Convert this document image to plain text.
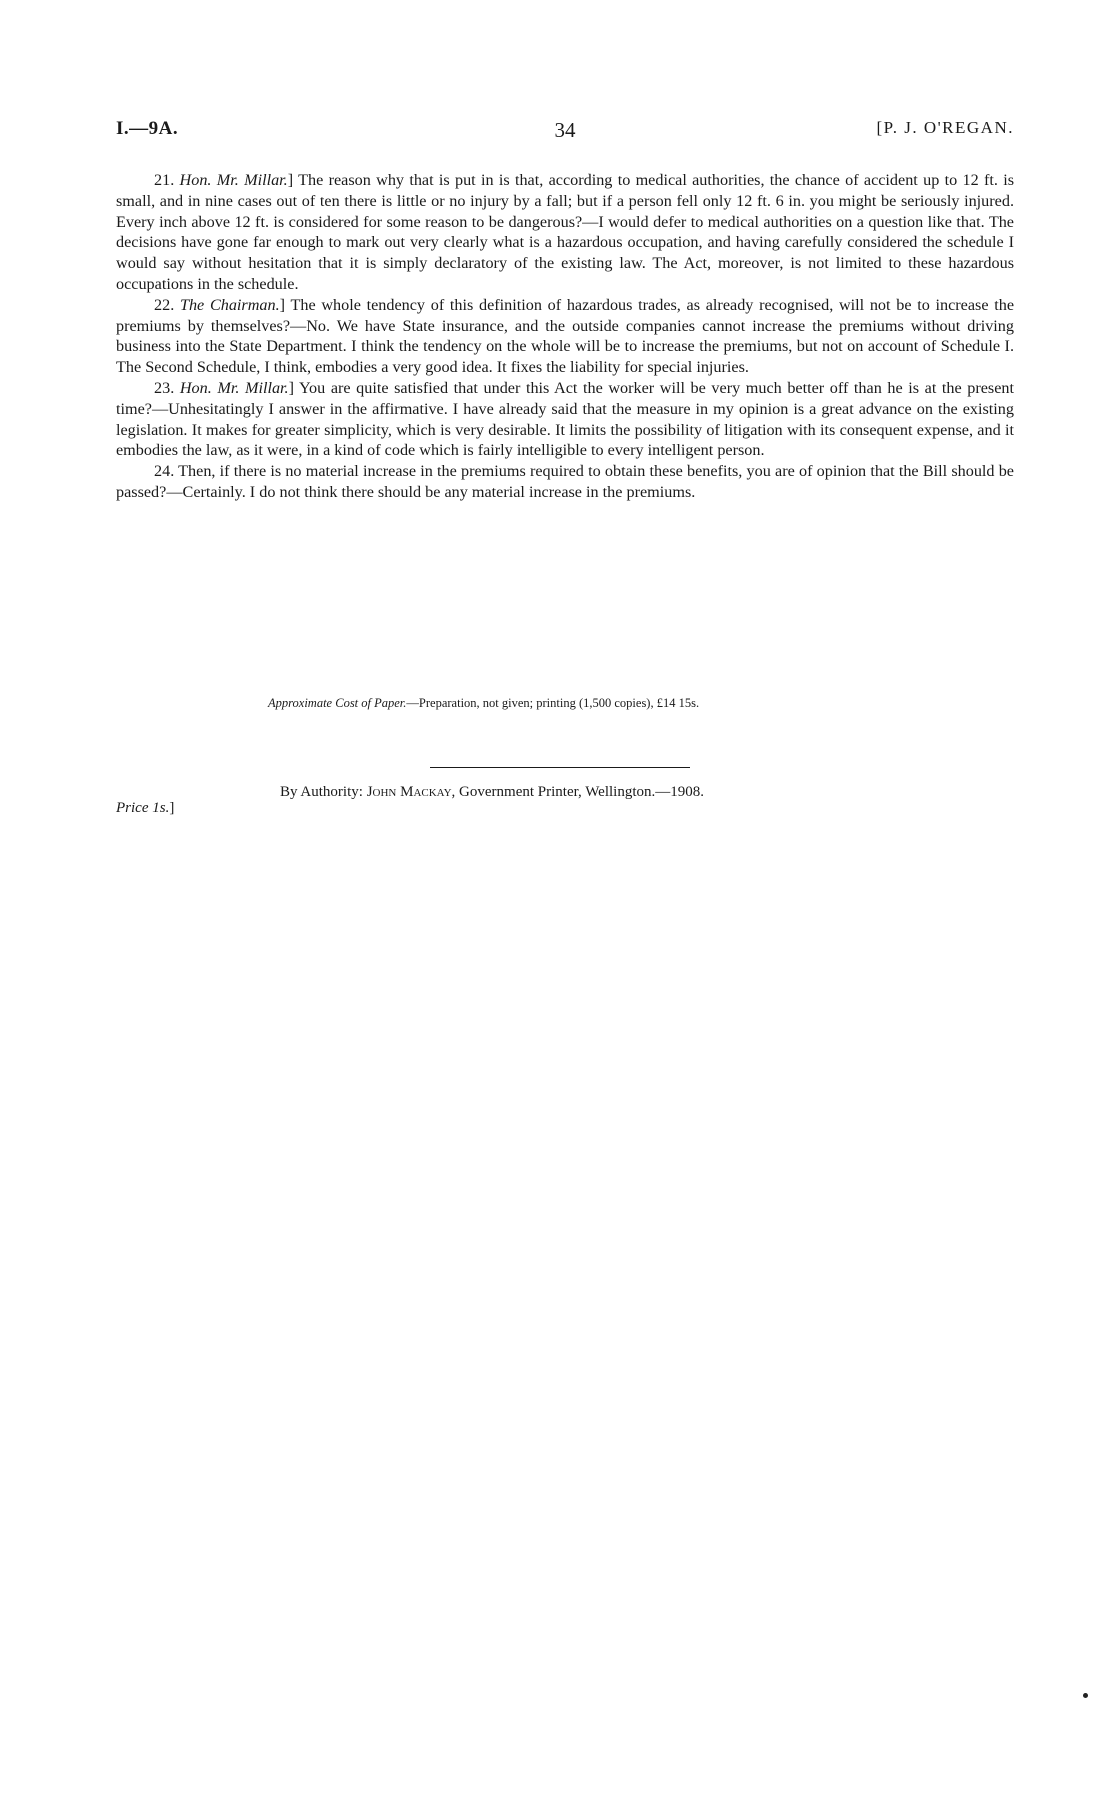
I.—9A.	34	[P. J. O'REGAN.

21. Hon. Mr. Millar.] The reason why that is put in is that, according to medical authorities, the chance of accident up to 12 ft. is small, and in nine cases out of ten there is little or no injury by a fall; but if a person fell only 12 ft. 6 in. you might be seriously injured. Every inch above 12 ft. is considered for some reason to be dangerous?—I would defer to medical authorities on a question like that. The decisions have gone far enough to mark out very clearly what is a hazardous occupation, and having carefully considered the schedule I would say without hesitation that it is simply declaratory of the existing law. The Act, moreover, is not limited to these hazardous occupations in the schedule.

22. The Chairman.] The whole tendency of this definition of hazardous trades, as already recognised, will not be to increase the premiums by themselves?—No. We have State insurance, and the outside companies cannot increase the premiums without driving business into the State Department. I think the tendency on the whole will be to increase the premiums, but not on account of Schedule I. The Second Schedule, I think, embodies a very good idea. It fixes the liability for special injuries.

23. Hon. Mr. Millar.] You are quite satisfied that under this Act the worker will be very much better off than he is at the present time?—Unhesitatingly I answer in the affirmative. I have already said that the measure in my opinion is a great advance on the existing legislation. It makes for greater simplicity, which is very desirable. It limits the possibility of litigation with its consequent expense, and it embodies the law, as it were, in a kind of code which is fairly intelligible to every intelligent person.

24. Then, if there is no material increase in the premiums required to obtain these benefits, you are of opinion that the Bill should be passed?—Certainly. I do not think there should be any material increase in the premiums.

Approximate Cost of Paper.—Preparation, not given; printing (1,500 copies), £14 15s.
By Authority: John Mackay, Government Printer, Wellington.—1908.
Price 1s.]
